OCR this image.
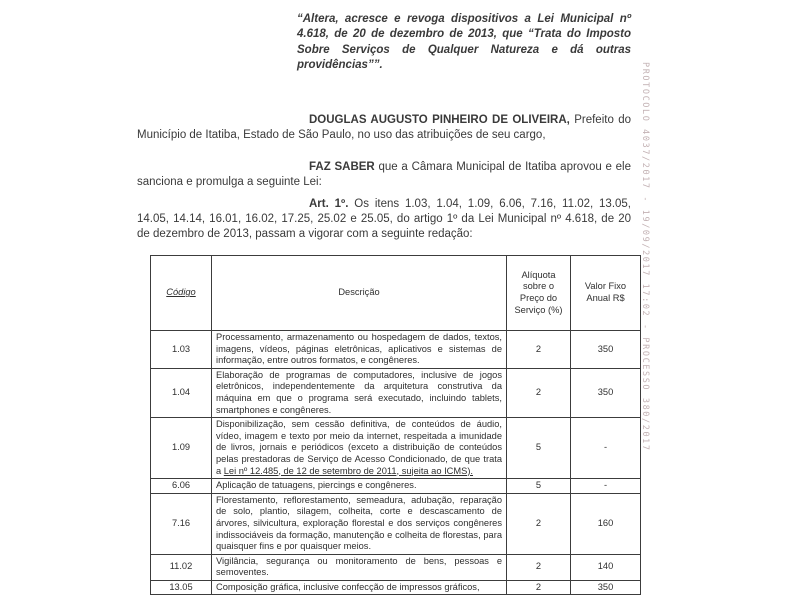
“Altera, acresce e revoga dispositivos a Lei Municipal nº 4.618, de 20 de dezembro de 2013, que “Trata do Imposto Sobre Serviços de Qualquer Natureza e dá outras providências””.

DOUGLAS AUGUSTO PINHEIRO DE OLIVEIRA, Prefeito do Município de Itatiba, Estado de São Paulo, no uso das atribuições de seu cargo,

FAZ SABER que a Câmara Municipal de Itatiba aprovou e ele sanciona e promulga a seguinte Lei:

Art. 1º. Os itens 1.03, 1.04, 1.09, 6.06, 7.16, 11.02, 13.05, 14.05, 14.14, 16.01, 16.02, 17.25, 25.02 e 25.05, do artigo 1º da Lei Municipal nº 4.618, de 20 de dezembro de 2013, passam a vigorar com a seguinte redação:

Código	Descrição	Alíquota sobre o Preço do Serviço (%)	Valor Fixo Anual R$
1.03	Processamento, armazenamento ou hospedagem de dados, textos, imagens, vídeos, páginas eletrônicas, aplicativos e sistemas de informação, entre outros formatos, e congêneres.	2	350
1.04	Elaboração de programas de computadores, inclusive de jogos eletrônicos, independentemente da arquitetura construtiva da máquina em que o programa será executado, incluindo tablets, smartphones e congêneres.	2	350
1.09	Disponibilização, sem cessão definitiva, de conteúdos de áudio, vídeo, imagem e texto por meio da internet, respeitada a imunidade de livros, jornais e periódicos (exceto a distribuição de conteúdos pelas prestadoras de Serviço de Acesso Condicionado, de que trata a Lei nº 12.485, de 12 de setembro de 2011, sujeita ao ICMS).	5	-
6.06	Aplicação de tatuagens, piercings e congêneres.	5	-
7.16	Florestamento, reflorestamento, semeadura, adubação, reparação de solo, plantio, silagem, colheita, corte e descascamento de árvores, silvicultura, exploração florestal e dos serviços congêneres indissociáveis da formação, manutenção e colheita de florestas, para quaisquer fins e por quaisquer meios.	2	160
11.02	Vigilância, segurança ou monitoramento de bens, pessoas e semoventes.	2	140
13.05	Composição gráfica, inclusive confecção de impressos gráficos,	2	350
PROTOCOLO 4037/2017 - 19/09/2017 17:02 - PROCESSO 380/2017
